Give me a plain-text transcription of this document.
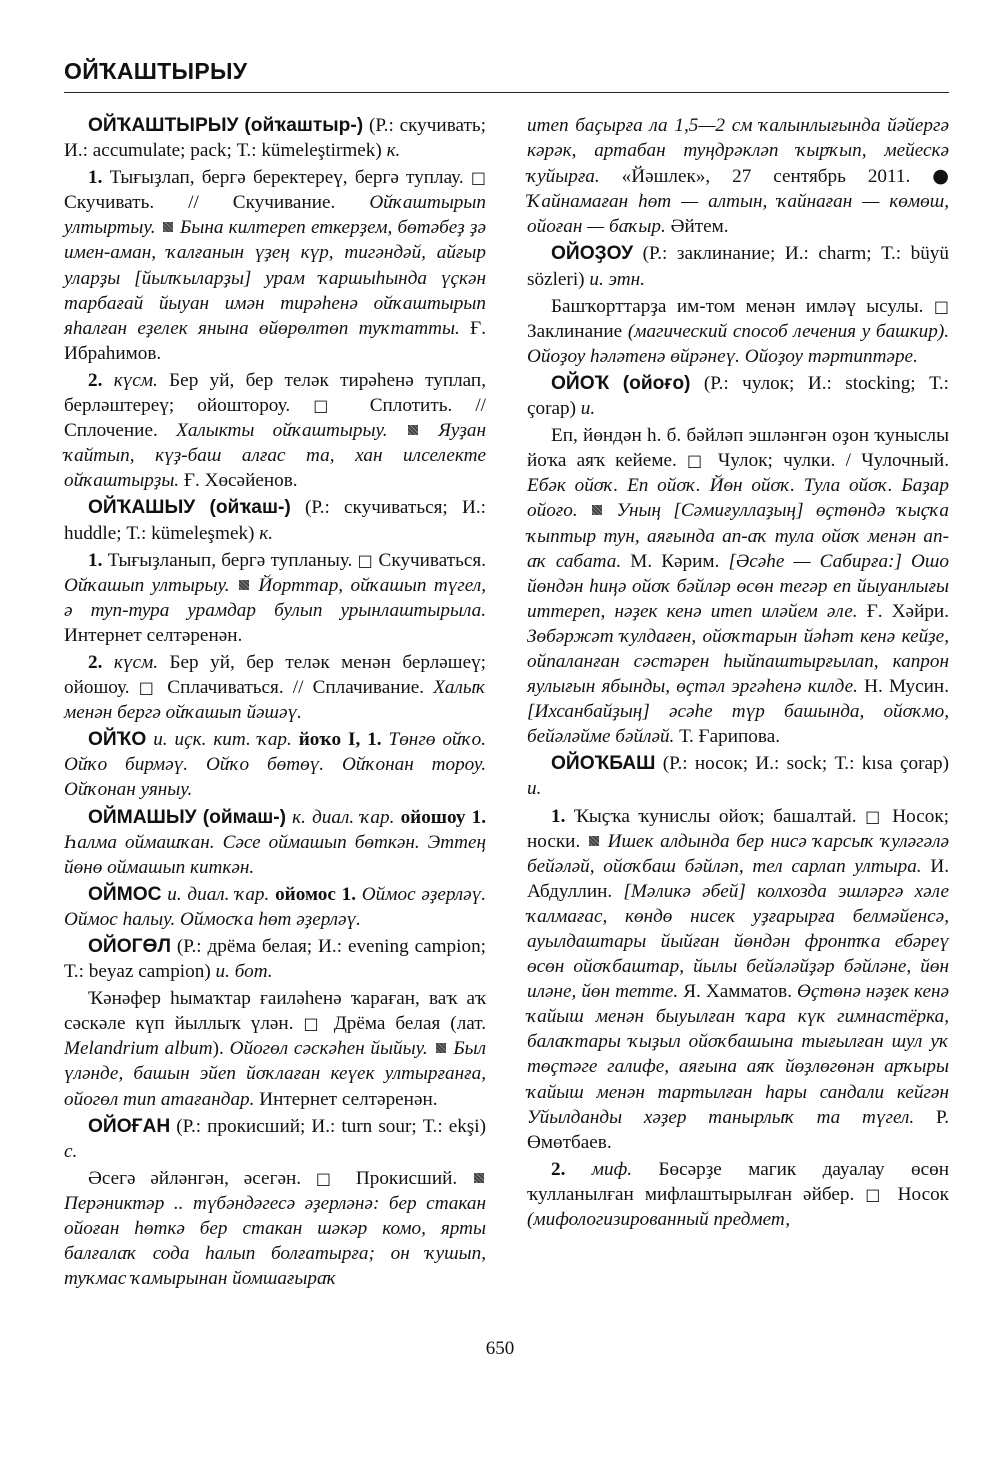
ОЙҠАШТЫРЫУ

ОЙҠАШТЫРЫУ (ойҡаштыр-) (Р.: скучивать; И.: accumulate; pack; Т.: kümeleştirmek) к.

1. Тығыҙлап, бергә беректереү, бергә туплау. □ Скучивать. // Скучивание. Ойҡаштырып ултыртыу. Бына килтереп еткерҙем, бөтәбеҙ ҙә имен-аман, ҡалғанын үҙең күр, тигәндәй, айғыр уларҙы [йылҡыларҙы] урам ҡаршыһында үҫкән тарбағай йыуан имән тирәһенә ойҡаштырып яһалған еҙелек янына өйөрөлтөп туҡтатты. Ғ. Ибраһимов.

2. күсм. Бер уй, бер теләк тирәһенә туплап, берләштереү; ойоштороу. □ Сплотить. // Сплочение. Халыкты ойҡаштырыу.	Яуҙан ҡайтып, күҙ-баш алғас та, хан илселекте ойҡаштырҙы. Ғ. Хөсәйенов.

ОЙҠАШЫУ (ойҡаш-) (Р.: скучиваться; И.: huddle; Т.: kümeleşmek) к.

1. Тығыҙланып, бергә тупланыу. □ Скучиваться. Ойҡашып ултырыу. Йорттар, ойҡашып түгел, ә туп-тура урамдар булып урынлаштырыла. Интернет селтәренән.

2. күсм. Бер уй, бер теләк менән берләшеү; ойошоу. □ Сплачиваться. // Сплачивание. Халыҡ менән бергә ойҡашып йәшәү.

ОЙҠО и. иҫк. кит. ҡар. йоҡо I, 1. Төнгө ойҡо. Ойҡо бирмәү. Ойҡо бөтөү. Ойҡонан тороу. Ойҡонан уяныу.

ОЙМАШЫУ (оймаш-) к. диал. ҡар. ойошоу 1. Һалма оймашҡан. Сәсе оймашып бөткән. Эттең йөнө оймашып киткән.

ОЙМОС и. диал. ҡар. ойомос 1. Оймос әҙерләү. Оймос һалыу. Оймосҡа һөт әҙерләү.

ОЙОГӨЛ (Р.: дрёма белая; И.: evening campion; Т.: beyaz campion) и. бот.

Ҡәнәфер һымаҡтар ғаиләһенә ҡараған, ваҡ аҡ сәскәле күп йыллыҡ үлән. □ Дрёма белая (лат. Melandrium album). Ойогөл сәскәһен йыйыу. Был үләнде, башын эйеп йоҡлаған кеүек ултырғанға, ойогөл тип атағандар. Интернет селтәренән.

ОЙОҒАН (Р.: прокисший; И.: turn sour; Т.: ekşi) с.

Әсегә әйләнгән, әсегән. □ Прокисший.  Перәниктәр .. түбәндәгесә әҙерләнә: бер стакан ойоған һөткә бер стакан шәкәр комо, ярты балғалаҡ сода һалып болғатырға; он ҡушып, туҡмас ҡамырынан йомшағыраҡ

итеп баҫырға ла 1,5—2 см ҡалынлығында йәйергә кәрәк, артабан туңдрәкләп ҡырҡып, мейескә ҡуйырға. «Йәшлек», 27 сентябрь 2011. ● Ҡайнамаған һөт — алтын, ҡайнаған — көмөш, ойоған — баҡыр. Әйтем.

ОЙОҘОУ (Р.: заклинание; И.: charm; Т.: büyü sözleri) и. этн.

Башҡорттарҙа им-том менән имләү ысулы. □ Заклинание (магический способ лечения у башкир). Ойоҙоу һәләтенә өйрәнеү. Ойоҙоу тәртиптәре.

ОЙОҠ (ойоғо) (Р.: чулок; И.: stocking; Т.: çorap) и.

Еп, йөндән һ. б. бәйләп эшләнгән оҙон ҡуныслы йоҡа аяҡ кейеме. □ Чулок; чулки. / Чулочный. Ебәк ойоҡ. Еп ойоҡ. Йөн ойоҡ. Тула ойоҡ. Баҙар ойоғо. Уның [Сәмиғуллаҙың] өҫтөндә ҡыҫҡа ҡыптыр тун, аяғында ап-аҡ тула ойоҡ менән ап-аҡ сабата. М. Кәрим. [Әсәһе — Сабирға:] Ошо йөндән һиңә ойоҡ бәйләр өсөн тегәр еп йыуанлығы иттереп, нәҙек кенә итеп иләйем әле. Ғ. Хәйри. Зөбәржәт ҡулдағен, ойоҡтарын йәһәт кенә кейҙе, ойпаланған сәстәрен һыйпаштырғылап, капрон яулығын ябынды, өҫтәл эргәһенә килде. Н. Мусин. [Ихсанбайҙың] әсәһе түр башында, ойоҡмо, бейәләйме бәйләй. Т. Ғарипова.

ОЙОҠБАШ (Р.: носок; И.: sock; Т.: kısa çorap) и.

1. Ҡыҫҡа ҡунислы ойоҡ; башалтай. □ Носок; носки. Ишек алдында бер нисә ҡарсыҡ ҡуләгәлә бейәләй, ойоҡбаш бәйләп, тел сарлап ултыра. И. Абдуллин. [Мәликә әбей] колхозда эшләргә хәле ҡалмағас, көндө нисек уҙғарырға белмәйенсә, ауылдаштары йыйған йөндән фронтҡа ебәреү өсөн ойоҡбаштар, йылы бейәләйҙәр бәйләне, йөн иләне, йөн тетте. Я. Хамматов. Өҫтөнә нәҙек кенә ҡайыш менән быуылған ҡара күк гимнастёрка, балаҡтары ҡыҙыл ойоҡбашына тығылған шул уҡ төҫтәге галифе, аяғына аяҡ йөҙлөгөнән арҡыры ҡайыш менән тартылған һары сандали кейгән Уйылданды хәҙер танырлыҡ та түгел. Р. Өмөтбаев.

2. миф. Бөсәрҙе магик дауалау өсөн ҡулланылған мифлаштырылған әйбер. □ Носок (мифологизированный предмет,

650
